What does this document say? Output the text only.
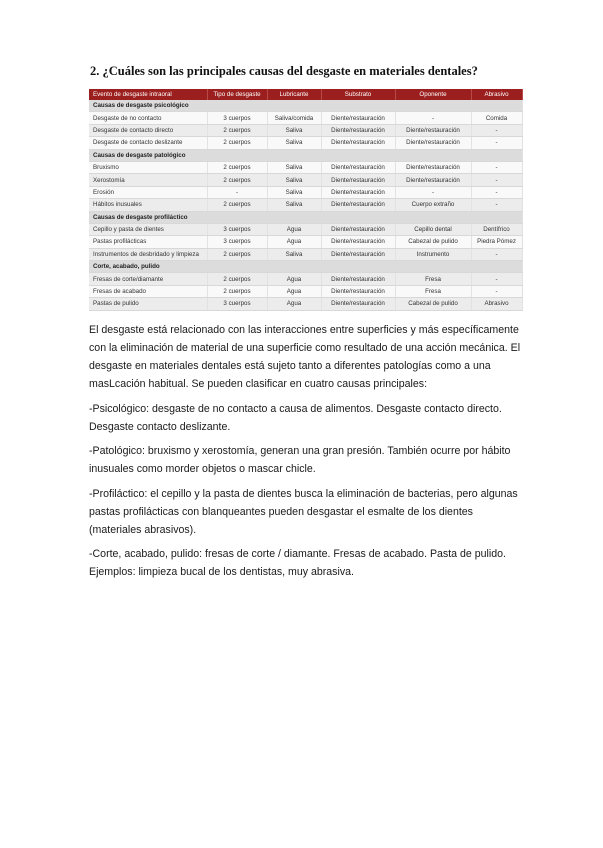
2. ¿Cuáles son las principales causas del desgaste en materiales dentales?
Evento de desgaste intraoral	Tipo de desgaste	Lubricante	Substrato	Oponente	Abrasivo
Causas de desgaste psicológico					
Desgaste de no contacto	3 cuerpos	Saliva/comida	Diente/restauración	-	Comida
Desgaste de contacto directo	2 cuerpos	Saliva	Diente/restauración	Diente/restauración	-
Desgaste de contacto deslizante	2 cuerpos	Saliva	Diente/restauración	Diente/restauración	-
Causas de desgaste patológico					
Bruxismo	2 cuerpos	Saliva	Diente/restauración	Diente/restauración	-
Xerostomía	2 cuerpos	Saliva	Diente/restauración	Diente/restauración	-
Erosión	-	Saliva	Diente/restauración	-	-
Hábitos inusuales	2 cuerpos	Saliva	Diente/restauración	Cuerpo extraño	-
Causas de desgaste profiláctico					
Cepillo y pasta de dientes	3 cuerpos	Agua	Diente/restauración	Cepillo dental	Dentífrico
Pastas profilácticas	3 cuerpos	Agua	Diente/restauración	Cabezal de pulido	Piedra Pómez
Instrumentos de desbridado y limpieza	2 cuerpos	Saliva	Diente/restauración	Instrumento	-
Corte, acabado, pulido					
Fresas de corte/diamante	2 cuerpos	Agua	Diente/restauración	Fresa	-
Fresas de acabado	2 cuerpos	Agua	Diente/restauración	Fresa	-
Pastas de pulido	3 cuerpos	Agua	Diente/restauración	Cabezal de pulido	Abrasivo

El desgaste está relacionado con las interacciones entre superficies y más específicamente con la eliminación de material de una superficie como resultado de una acción mecánica. El desgaste en materiales dentales está sujeto tanto a diferentes patologías como a una masLcación habitual. Se pueden clasificar en cuatro causas principales:

-Psicológico: desgaste de no contacto a causa de alimentos. Desgaste contacto directo. Desgaste contacto deslizante.

-Patológico: bruxismo y xerostomía, generan una gran presión. También ocurre por hábito inusuales como morder objetos o mascar chicle.

-Profiláctico: el cepillo y la pasta de dientes busca la eliminación de bacterias, pero algunas pastas profilácticas con blanqueantes pueden desgastar el esmalte de los dientes (materiales abrasivos).

-Corte, acabado, pulido: fresas de corte / diamante. Fresas de acabado. Pasta de pulido. Ejemplos: limpieza bucal de los dentistas, muy abrasiva.
